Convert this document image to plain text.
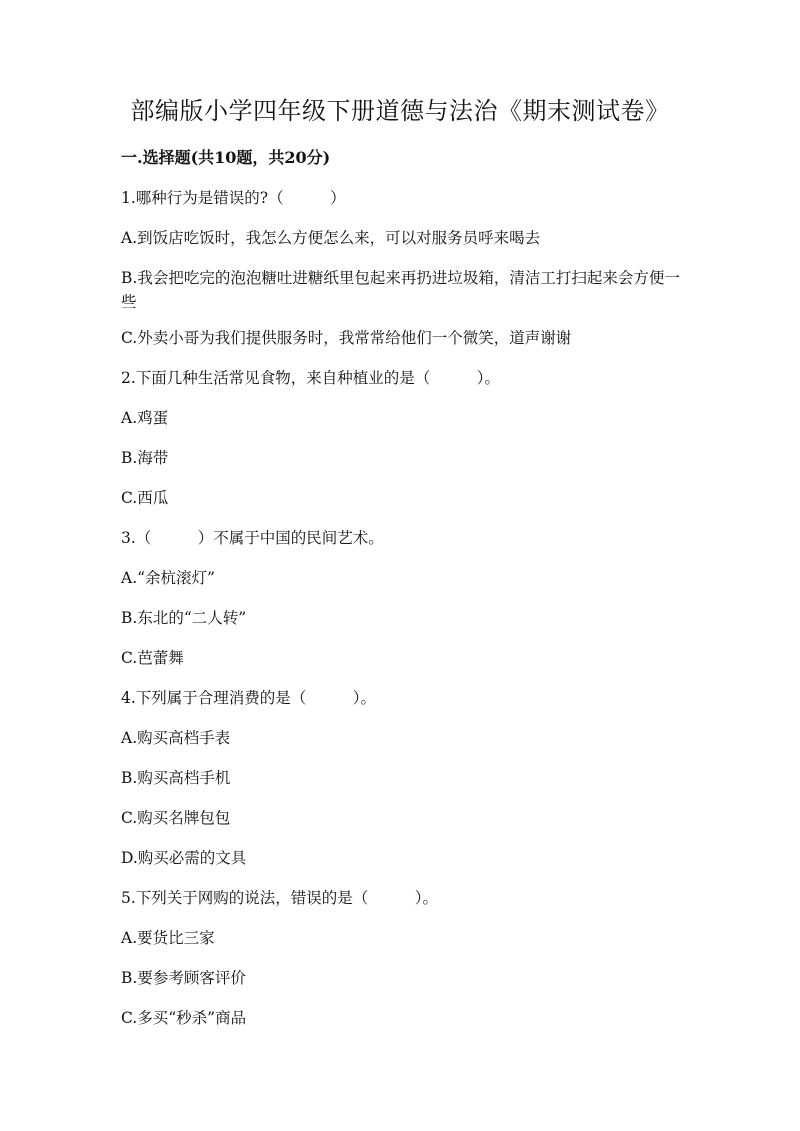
部编版小学四年级下册道德与法治《期末测试卷》
一.选择题(共10题，共20分)
1.哪种行为是错误的?（　　　）
A.到饭店吃饭时，我怎么方便怎么来，可以对服务员呼来喝去
B.我会把吃完的泡泡糖吐进糖纸里包起来再扔进垃圾箱，清洁工打扫起来会方便一些
C.外卖小哥为我们提供服务时，我常常给他们一个微笑，道声谢谢
2.下面几种生活常见食物，来自种植业的是（　　　）。
A.鸡蛋
B.海带
C.西瓜
3.（　　　）不属于中国的民间艺术。
A.“余杭滚灯”
B.东北的“二人转”
C.芭蕾舞
4.下列属于合理消费的是（　　　）。
A.购买高档手表
B.购买高档手机
C.购买名牌包包
D.购买必需的文具
5.下列关于网购的说法，错误的是（　　　）。
A.要货比三家
B.要参考顾客评价
C.多买“秒杀”商品
